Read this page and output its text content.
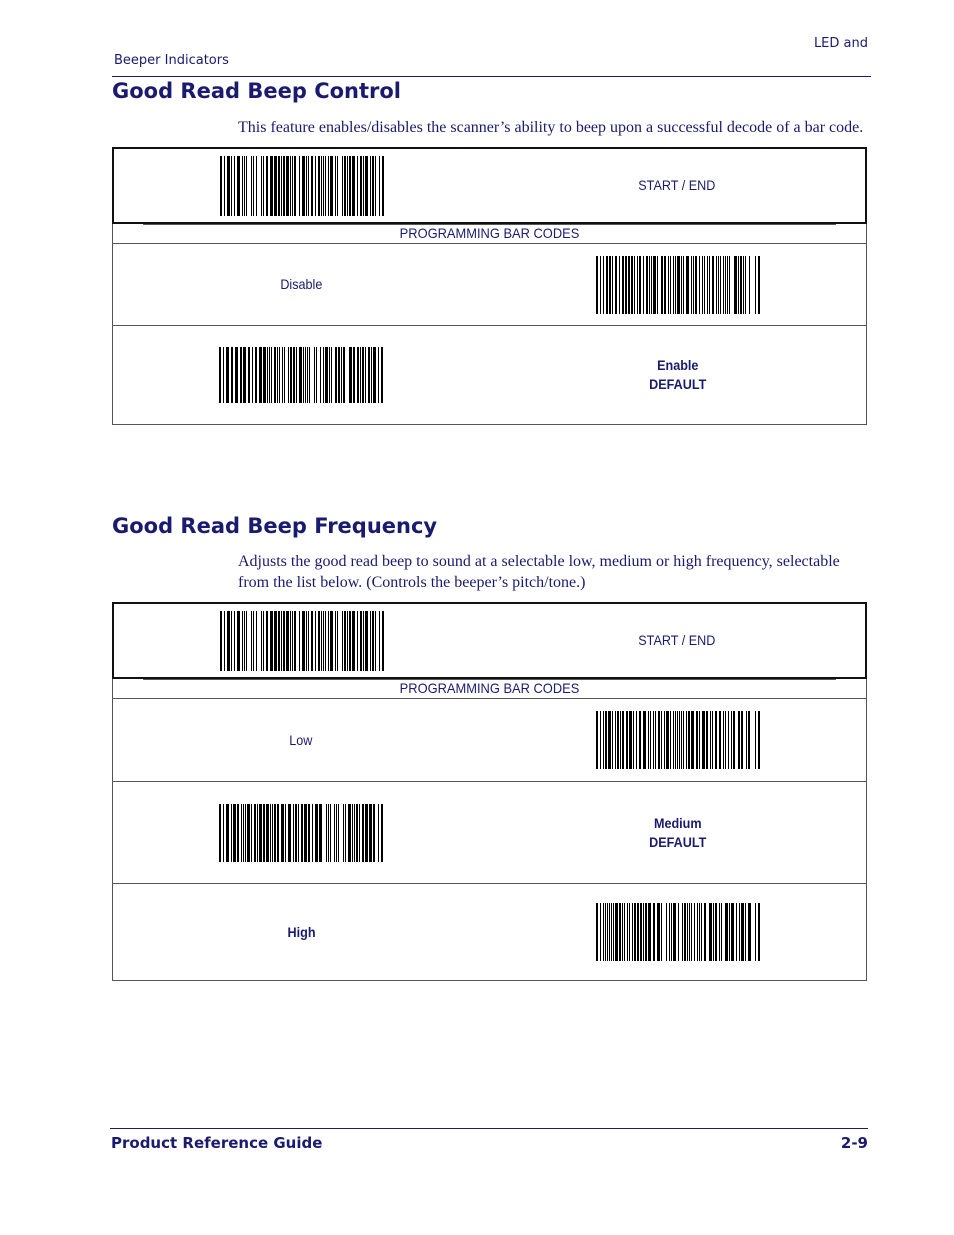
LED and
Beeper Indicators
Good Read Beep Control
This feature enables/disables the scanner’s ability to beep upon a successful decode of a bar code.
START / END
PROGRAMMING BAR CODES
Disable
Enable
DEFAULT
Good Read Beep Frequency
Adjusts the good read beep to sound at a selectable low, medium or high frequency, selectable from the list below. (Controls the beeper’s pitch/tone.)
START / END
PROGRAMMING BAR CODES
Low
Medium
DEFAULT
High
Product Reference Guide	2-9
